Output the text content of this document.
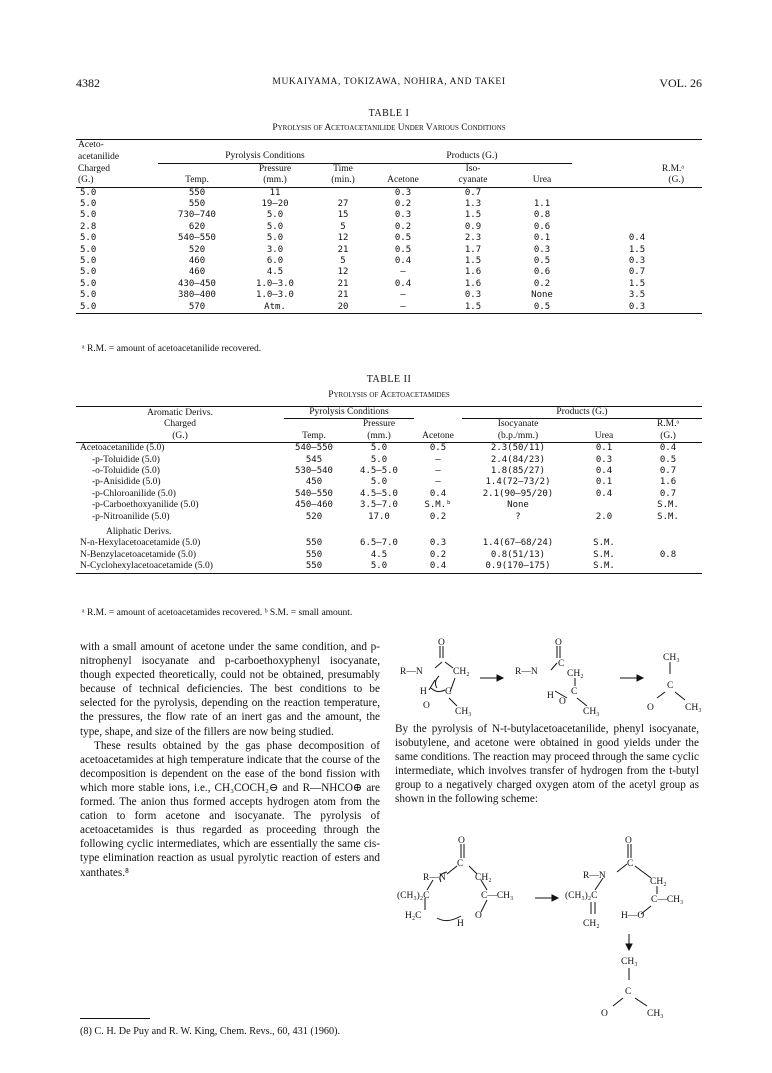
4382	MUKAIYAMA, TOKIZAWA, NOHIRA, AND TAKEI	VOL. 26
TABLE I
Pyrolysis of Acetoacetanilide Under Various Conditions
Aceto-							
acetanilide	Pyrolysis Conditions			Products (G.)			
Charged		Pressure	Time		Iso-		R.M.ᵃ
(G.)	Temp.	(mm.)	(min.)	Acetone	cyanate	Urea	(G.)
5.0	550	11		0.3	0.7		
5.0	550	19–20	27	0.2	1.3	1.1	
5.0	730–740	5.0	15	0.3	1.5	0.8	
2.8	620	5.0	5	0.2	0.9	0.6	
5.0	540–550	5.0	12	0.5	2.3	0.1	0.4
5.0	520	3.0	21	0.5	1.7	0.3	1.5
5.0	460	6.0	5	0.4	1.5	0.5	0.3
5.0	460	4.5	12	—	1.6	0.6	0.7
5.0	430–450	1.0–3.0	21	0.4	1.6	0.2	1.5
5.0	380–400	1.0–3.0	21	—	0.3	None	3.5
5.0	570	Atm.	20	—	1.5	0.5	0.3
ᵃ R.M. = amount of acetoacetanilide recovered.
TABLE II
Pyrolysis of Acetoacetamides
Aromatic Derivs.	Pyrolysis Conditions			Products (G.)		
Charged		Pressure		Isocyanate		R.M.ᵃ
(G.)	Temp.	(mm.)	Acetone	(b.p./mm.)	Urea	(G.)
Acetoacetanilide (5.0)	540–550	5.0	0.5	2.3(50/11)	0.1	0.4
-p-Toluidide (5.0)	545	5.0	—	2.4(84/23)	0.3	0.5
-o-Toluidide (5.0)	530–540	4.5–5.0	—	1.8(85/27)	0.4	0.7
-p-Anisidide (5.0)	450	5.0	—	1.4(72–73/2)	0.1	1.6
-p-Chloroanilide (5.0)	540–550	4.5–5.0	0.4	2.1(90–95/20)	0.4	0.7
-p-Carboethoxyanilide (5.0)	450–460	3.5–7.0	S.M.ᵇ	None		S.M.
-p-Nitroanilide (5.0)	520	17.0	0.2	?	2.0	S.M.
Aliphatic Derivs.						
N-n-Hexylacetoacetamide (5.0)	550	6.5–7.0	0.3	1.4(67–68/24)	S.M.	
N-Benzylacetoacetamide (5.0)	550	4.5	0.2	0.8(51/13)	S.M.	0.8
N-Cyclohexylacetoacetamide (5.0)	550	5.0	0.4	0.9(170–175)	S.M.	
ᵃ R.M. = amount of acetoacetamides recovered. ᵇ S.M. = small amount.

with a small amount of acetone under the same condition, and p-nitrophenyl isocyanate and p-carboethoxyphenyl isocyanate, though expected theoretically, could not be obtained, presumably because of technical deficiencies. The best conditions to be selected for the pyrolysis, depending on the reaction temperature, the pressures, the flow rate of an inert gas and the amount, the type, shape, and size of the fillers are now being studied.

These results obtained by the gas phase decomposition of acetoacetamides at high temperature indicate that the course of the decomposition is dependent on the ease of the bond fission with which more stable ions, i.e., CH₃COCH₂⊖ and R—NHCO⊕ are formed. The anion thus formed accepts hydrogen atom from the cation to form acetone and isocyanate. The pyrolysis of acetoacetamides is thus regarded as proceeding through the following cyclic intermediates, which are essentially the same cis-type elimination reaction as usual pyrolytic reaction of esters and xanthates.⁸

(8) C. H. De Puy and R. W. King, Chem. Revs., 60, 431 (1960).
O
R—N	CH₂
H C
O
CH₃
O
R—N
C
CH₂
H
O
C
CH₃
CH₃
C
CH₃
O
By the pyrolysis of N-t-butylacetoacetanilide, phenyl isocyanate, isobutylene, and acetone were obtained in good yields under the same conditions. The reaction may proceed through the same cyclic intermediate, which involves transfer of hydrogen from the t-butyl group to a negatively charged oxygen atom of the acetyl group as shown in the following scheme:
O
R—N
C
CH₂
(CH₃)₂C	C—CH₃
H₂C
H
O
O
R—N
C
CH₂
(CH₃)₂C	C—CH₃
CH₂
H—O
CH₃
C
O	CH₃
